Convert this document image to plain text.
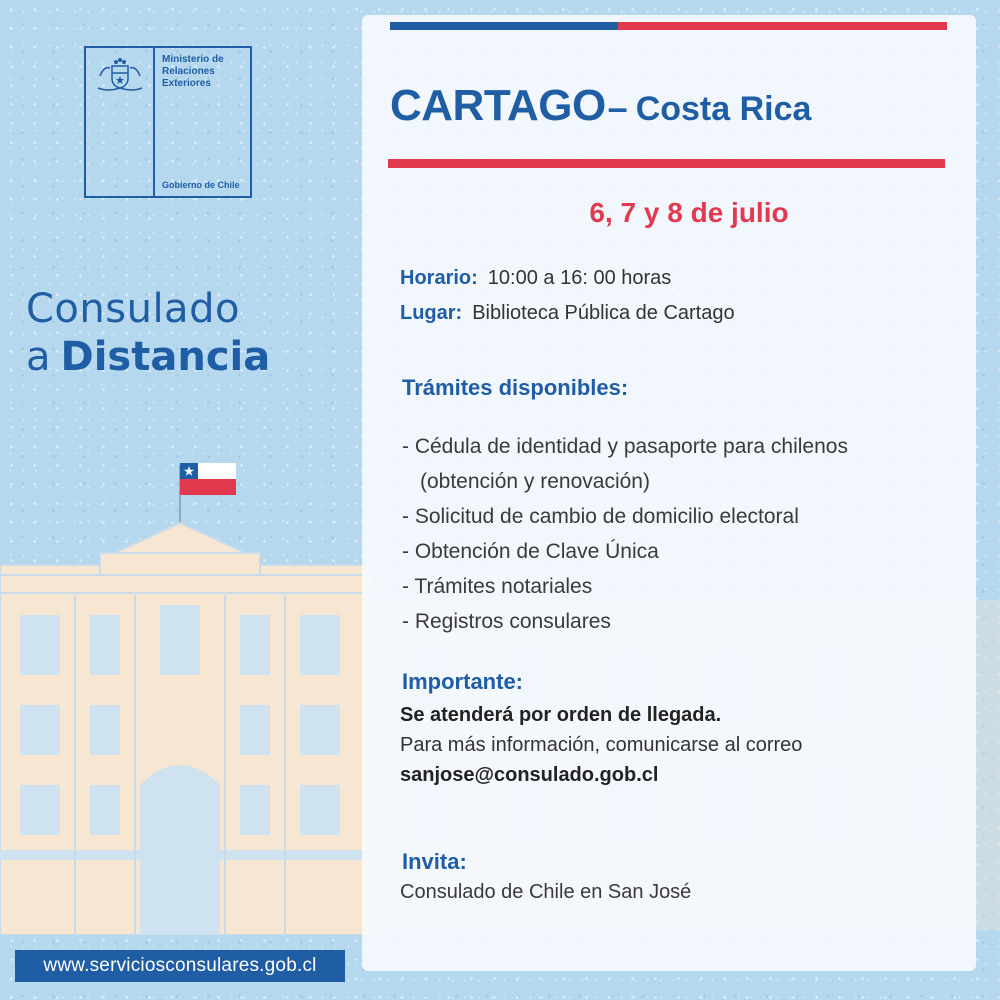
Ministerio de Relaciones Exteriores
Gobierno de Chile
Consulado
a Distancia
www.serviciosconsulares.gob.cl
CARTAGO– Costa Rica
6, 7 y 8 de julio
Horario: 10:00 a 16: 00 horas
Lugar: Biblioteca Pública de Cartago
Trámites disponibles:
- Cédula de identidad y pasaporte para chilenos
(obtención y renovación)
- Solicitud de cambio de domicilio electoral
- Obtención de Clave Única
- Trámites notariales
- Registros consulares
Importante:
Se atenderá por orden de llegada.
Para más información, comunicarse al correo
sanjose@consulado.gob.cl
Invita:
Consulado de Chile en San José
